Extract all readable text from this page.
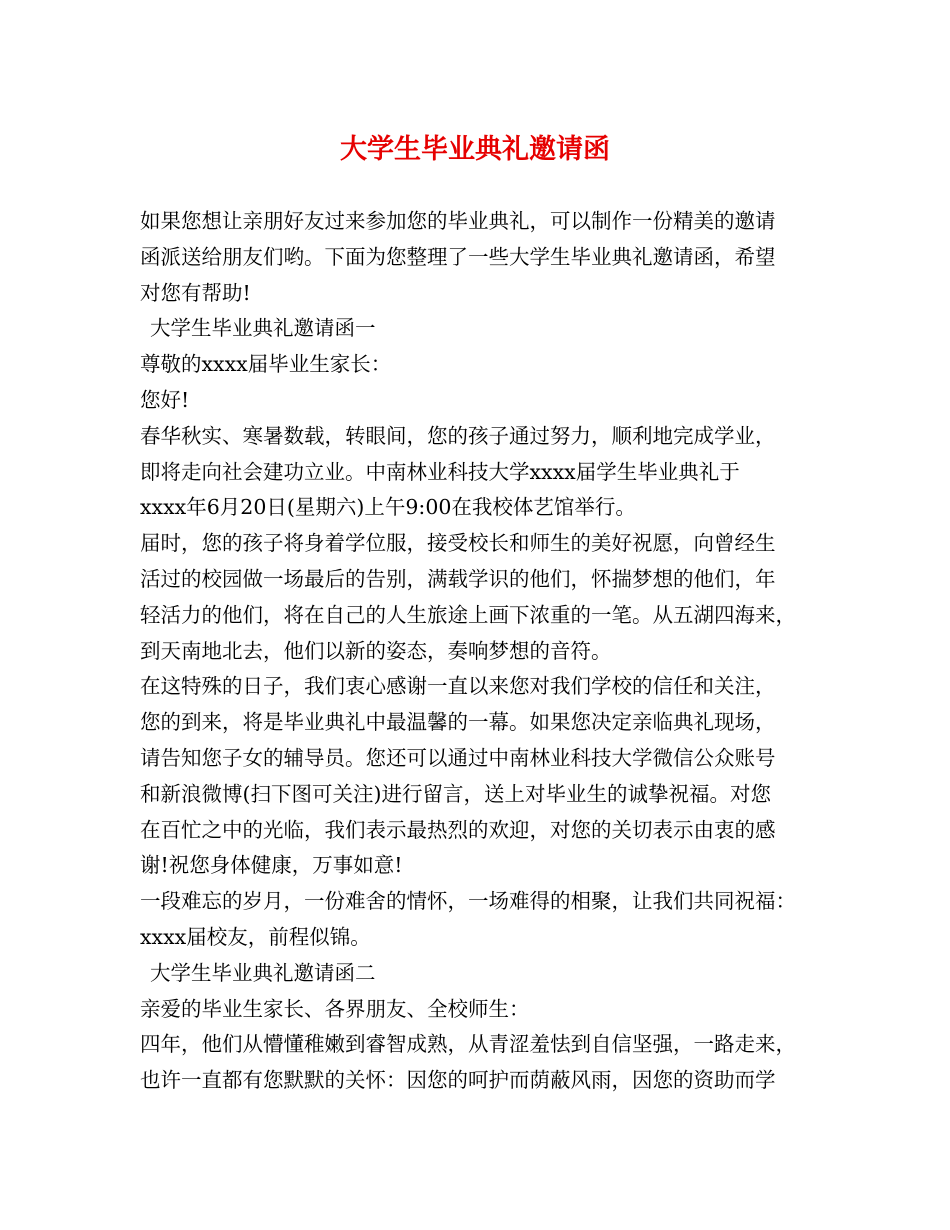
大学生毕业典礼邀请函
如果您想让亲朋好友过来参加您的毕业典礼，可以制作一份精美的邀请
函派送给朋友们哟。下面为您整理了一些大学生毕业典礼邀请函，希望
对您有帮助!
大学生毕业典礼邀请函一
尊敬的xxxx届毕业生家长：
您好!
春华秋实、寒暑数载，转眼间，您的孩子通过努力，顺利地完成学业，
即将走向社会建功立业。中南林业科技大学xxxx届学生毕业典礼于
xxxx年6月20日(星期六)上午9:00在我校体艺馆举行。
届时，您的孩子将身着学位服，接受校长和师生的美好祝愿，向曾经生
活过的校园做一场最后的告别，满载学识的他们，怀揣梦想的他们，年
轻活力的他们，将在自己的人生旅途上画下浓重的一笔。从五湖四海来，
到天南地北去，他们以新的姿态，奏响梦想的音符。
在这特殊的日子，我们衷心感谢一直以来您对我们学校的信任和关注，
您的到来，将是毕业典礼中最温馨的一幕。如果您决定亲临典礼现场，
请告知您子女的辅导员。您还可以通过中南林业科技大学微信公众账号
和新浪微博(扫下图可关注)进行留言，送上对毕业生的诚挚祝福。对您
在百忙之中的光临，我们表示最热烈的欢迎，对您的关切表示由衷的感
谢!祝您身体健康，万事如意!
一段难忘的岁月，一份难舍的情怀，一场难得的相聚，让我们共同祝福：
xxxx届校友，前程似锦。
大学生毕业典礼邀请函二
亲爱的毕业生家长、各界朋友、全校师生：
四年，他们从懵懂稚嫩到睿智成熟，从青涩羞怯到自信坚强，一路走来，
也许一直都有您默默的关怀：因您的呵护而荫蔽风雨，因您的资助而学
